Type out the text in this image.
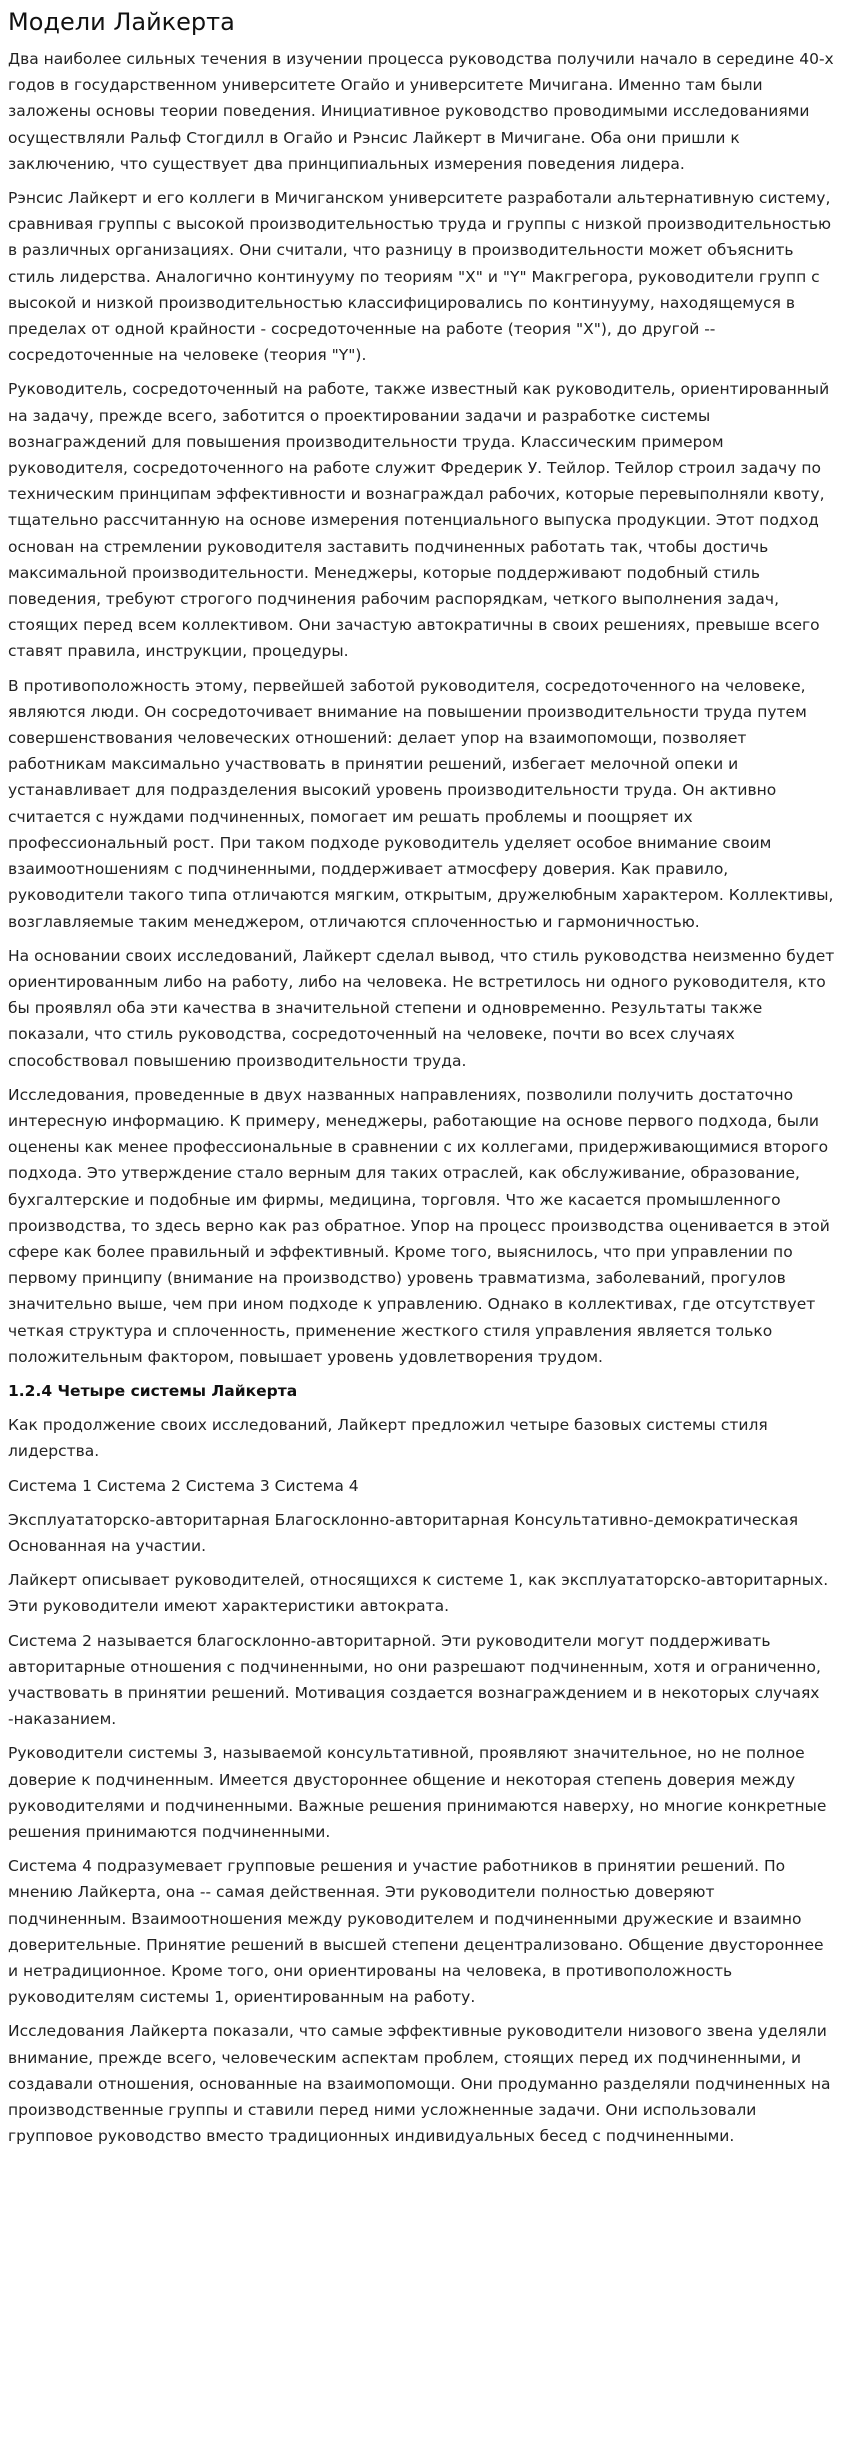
Модели Лайкерта

Два наиболее сильных течения в изучении процесса руководства получили начало в середине 40-х годов в государственном университете Огайо и университете Мичигана. Именно там были заложены основы теории поведения. Инициативное руководство проводимыми исследованиями осуществляли Ральф Стогдилл в Огайо и Рэнсис Лайкерт в Мичигане. Оба они пришли к заключению, что существует два принципиальных измерения поведения лидера.

Рэнсис Лайкерт и его коллеги в Мичиганском университете разработали альтернативную систему, сравнивая группы с высокой производительностью труда и группы с низкой производительностью в различных организациях. Они считали, что разницу в производительности может объяснить стиль лидерства. Аналогично континууму по теориям "X" и "Y" Макгрегора, руководители групп с высокой и низкой производительностью классифицировались по континууму, находящемуся в пределах от одной крайности - сосредоточенные на работе (теория "X"), до другой -- сосредоточенные на человеке (теория "Y").

Руководитель, сосредоточенный на работе, также известный как руководитель, ориентированный на задачу, прежде всего, заботится о проектировании задачи и разработке системы вознаграждений для повышения производительности труда. Классическим примером руководителя, сосредоточенного на работе служит Фредерик У. Тейлор. Тейлор строил задачу по техническим принципам эффективности и вознаграждал рабочих, которые перевыполняли квоту, тщательно рассчитанную на основе измерения потенциального выпуска продукции. Этот подход основан на стремлении руководителя заставить подчиненных работать так, чтобы достичь максимальной производительности. Менеджеры, которые поддерживают подобный стиль поведения, требуют строгого подчинения рабочим распорядкам, четкого выполнения задач, стоящих перед всем коллективом. Они зачастую автократичны в своих решениях, превыше всего ставят правила, инструкции, процедуры.

В противоположность этому, первейшей заботой руководителя, сосредоточенного на человеке, являются люди. Он сосредоточивает внимание на повышении производительности труда путем совершенствования человеческих отношений: делает упор на взаимопомощи, позволяет работникам максимально участвовать в принятии решений, избегает мелочной опеки и устанавливает для подразделения высокий уровень производительности труда. Он активно считается с нуждами подчиненных, помогает им решать проблемы и поощряет их профессиональный рост. При таком подходе руководитель уделяет особое внимание своим взаимоотношениям с подчиненными, поддерживает атмосферу доверия. Как правило, руководители такого типа отличаются мягким, открытым, дружелюбным характером. Коллективы, возглавляемые таким менеджером, отличаются сплоченностью и гармоничностью.

На основании своих исследований, Лайкерт сделал вывод, что стиль руководства неизменно будет ориентированным либо на работу, либо на человека. Не встретилось ни одного руководителя, кто бы проявлял оба эти качества в значительной степени и одновременно. Результаты также показали, что стиль руководства, сосредоточенный на человеке, почти во всех случаях способствовал повышению производительности труда.

Исследования, проведенные в двух названных направлениях, позволили получить достаточно интересную информацию. К примеру, менеджеры, работающие на основе первого подхода, были оценены как менее профессиональные в сравнении с их коллегами, придерживающимися второго подхода. Это утверждение стало верным для таких отраслей, как обслуживание, образование, бухгалтерские и подобные им фирмы, медицина, торговля. Что же касается промышленного производства, то здесь верно как раз обратное. Упор на процесс производства оценивается в этой сфере как более правильный и эффективный. Кроме того, выяснилось, что при управлении по первому принципу (внимание на производство) уровень травматизма, заболеваний, прогулов значительно выше, чем при ином подходе к управлению. Однако в коллективах, где отсутствует четкая структура и сплоченность, применение жесткого стиля управления является только положительным фактором, повышает уровень удовлетворения трудом.

1.2.4 Четыре системы Лайкерта

Как продолжение своих исследований, Лайкерт предложил четыре базовых системы стиля лидерства.

Система 1 Система 2 Система 3 Система 4

Эксплуататорско-авторитарная Благосклонно-авторитарная Консультативно-демократическая Основанная на участии.

Лайкерт описывает руководителей, относящихся к системе 1, как эксплуататорско-авторитарных. Эти руководители имеют характеристики автократа.

Система 2 называется благосклонно-авторитарной. Эти руководители могут поддерживать авторитарные отношения с подчиненными, но они разрешают подчиненным, хотя и ограниченно, участвовать в принятии решений. Мотивация создается вознаграждением и в некоторых случаях -наказанием.

Руководители системы 3, называемой консультативной, проявляют значительное, но не полное доверие к подчиненным. Имеется двустороннее общение и некоторая степень доверия между руководителями и подчиненными. Важные решения принимаются наверху, но многие конкретные решения принимаются подчиненными.

Система 4 подразумевает групповые решения и участие работников в принятии решений. По мнению Лайкерта, она -- самая действенная. Эти руководители полностью доверяют подчиненным. Взаимоотношения между руководителем и подчиненными дружеские и взаимно доверительные. Принятие решений в высшей степени децентрализовано. Общение двустороннее и нетрадиционное. Кроме того, они ориентированы на человека, в противоположность руководителям системы 1, ориентированным на работу.

Исследования Лайкерта показали, что самые эффективные руководители низового звена уделяли внимание, прежде всего, человеческим аспектам проблем, стоящих перед их подчиненными, и создавали отношения, основанные на взаимопомощи. Они продуманно разделяли подчиненных на производственные группы и ставили перед ними усложненные задачи. Они использовали групповое руководство вместо традиционных индивидуальных бесед с подчиненными.
